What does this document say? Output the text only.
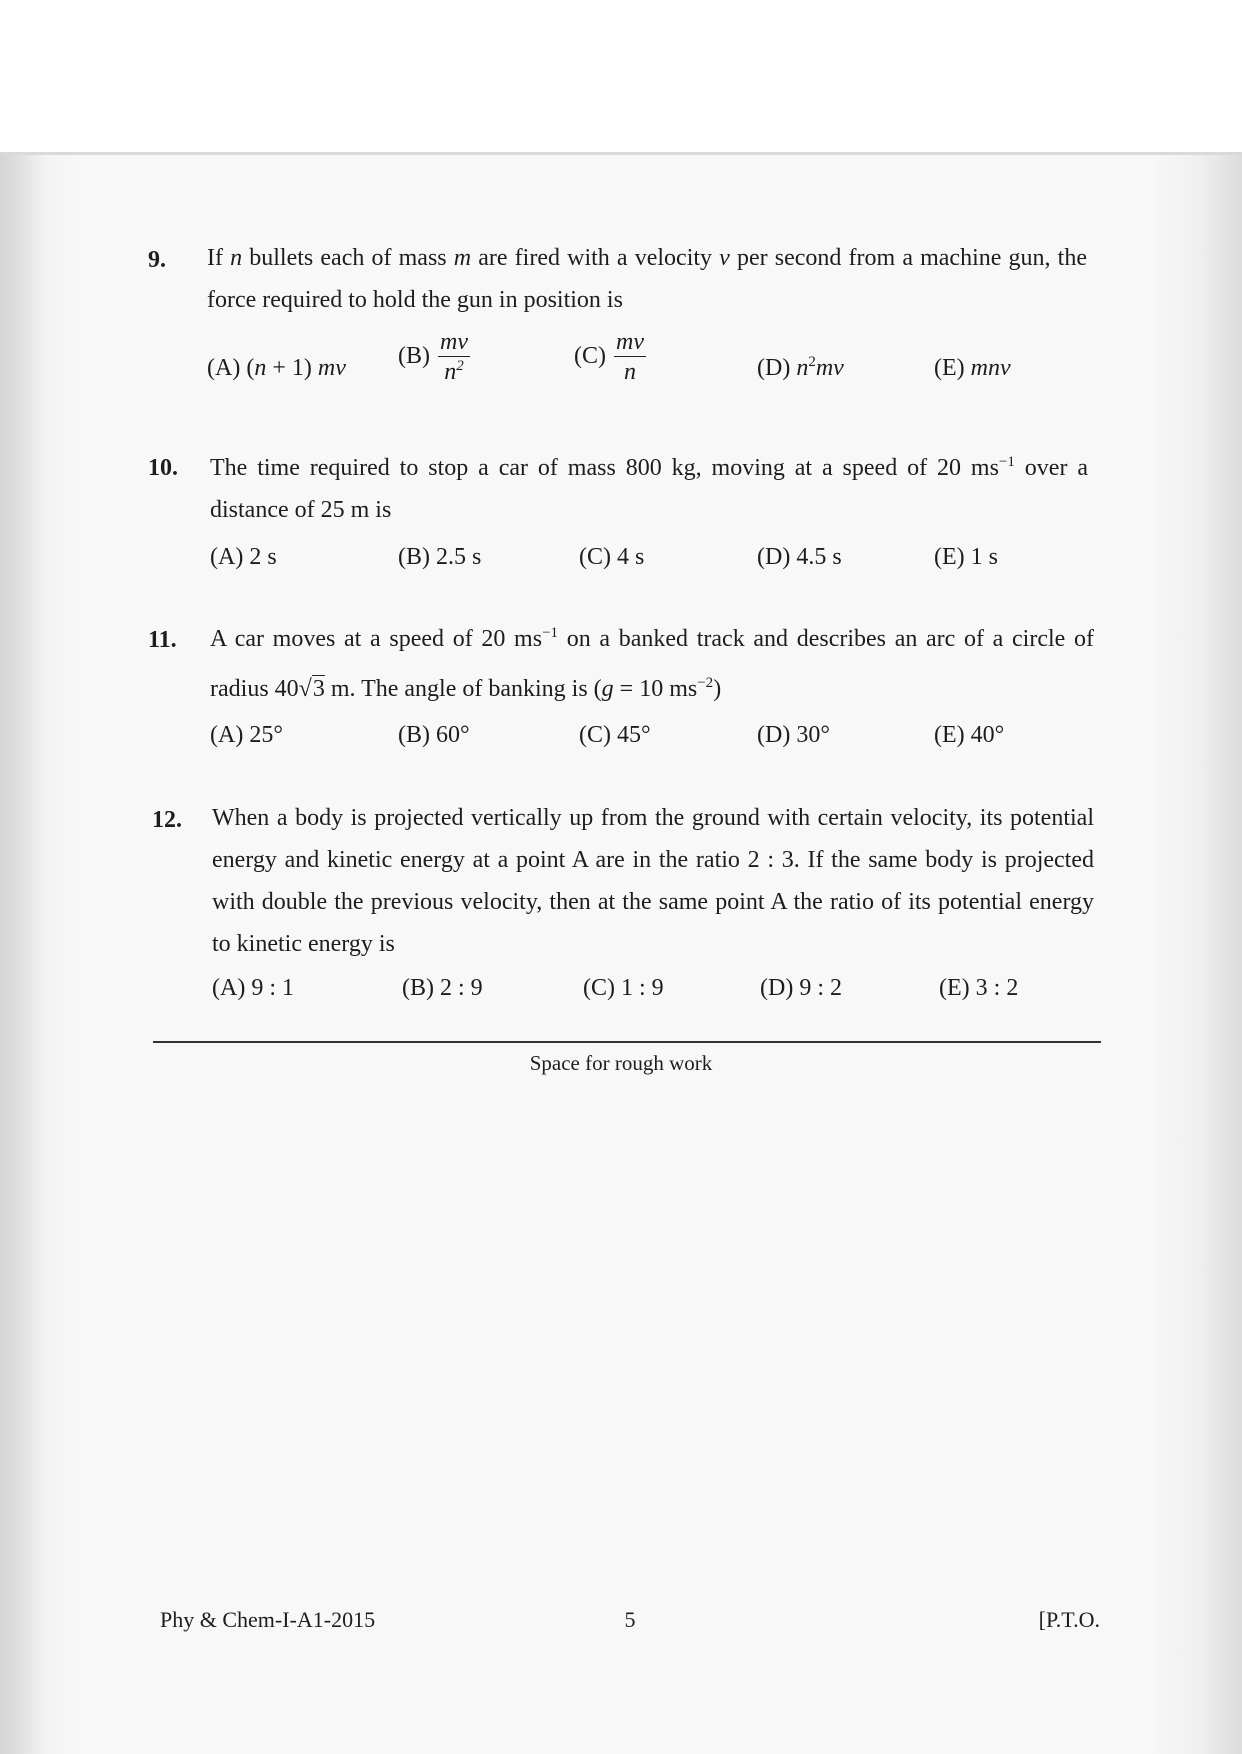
9. If n bullets each of mass m are fired with a velocity v per second from a machine gun, the force required to hold the gun in position is
(A) (n + 1) mv $(B) \frac{mv}{n^2}$	$(C) \frac{mv}{n}$	(D) $n^2mv$	(E) mnv
10. The time required to stop a car of mass 800 kg, moving at a speed of 20 $ms^{-1}$ over a distance of 25 m is
(A) 2 s	(B) 2.5 s	(C) 4 s	(D) 4.5 s	(E) 1 s
11. A car moves at a speed of 20 $ms^{-1}$ on a banked track and describes an arc of a circle of radius 40√3 m. The angle of banking is (g = 10 $ms^{-2}$)
(A) 25°	(B) 60°	(C) 45°	(D) 30°	(E) 40°
12. When a body is projected vertically up from the ground with certain velocity, its potential energy and kinetic energy at a point A are in the ratio 2 : 3. If the same body is projected with double the previous velocity, then at the same point A the ratio of its potential energy to kinetic energy is
(A) 9 : 1	(B) 2 : 9	(C) 1 : 9	(D) 9 : 2	(E) 3 : 2
Space for rough work
Phy & Chem-I-A1-2015	5	[P.T.O.
